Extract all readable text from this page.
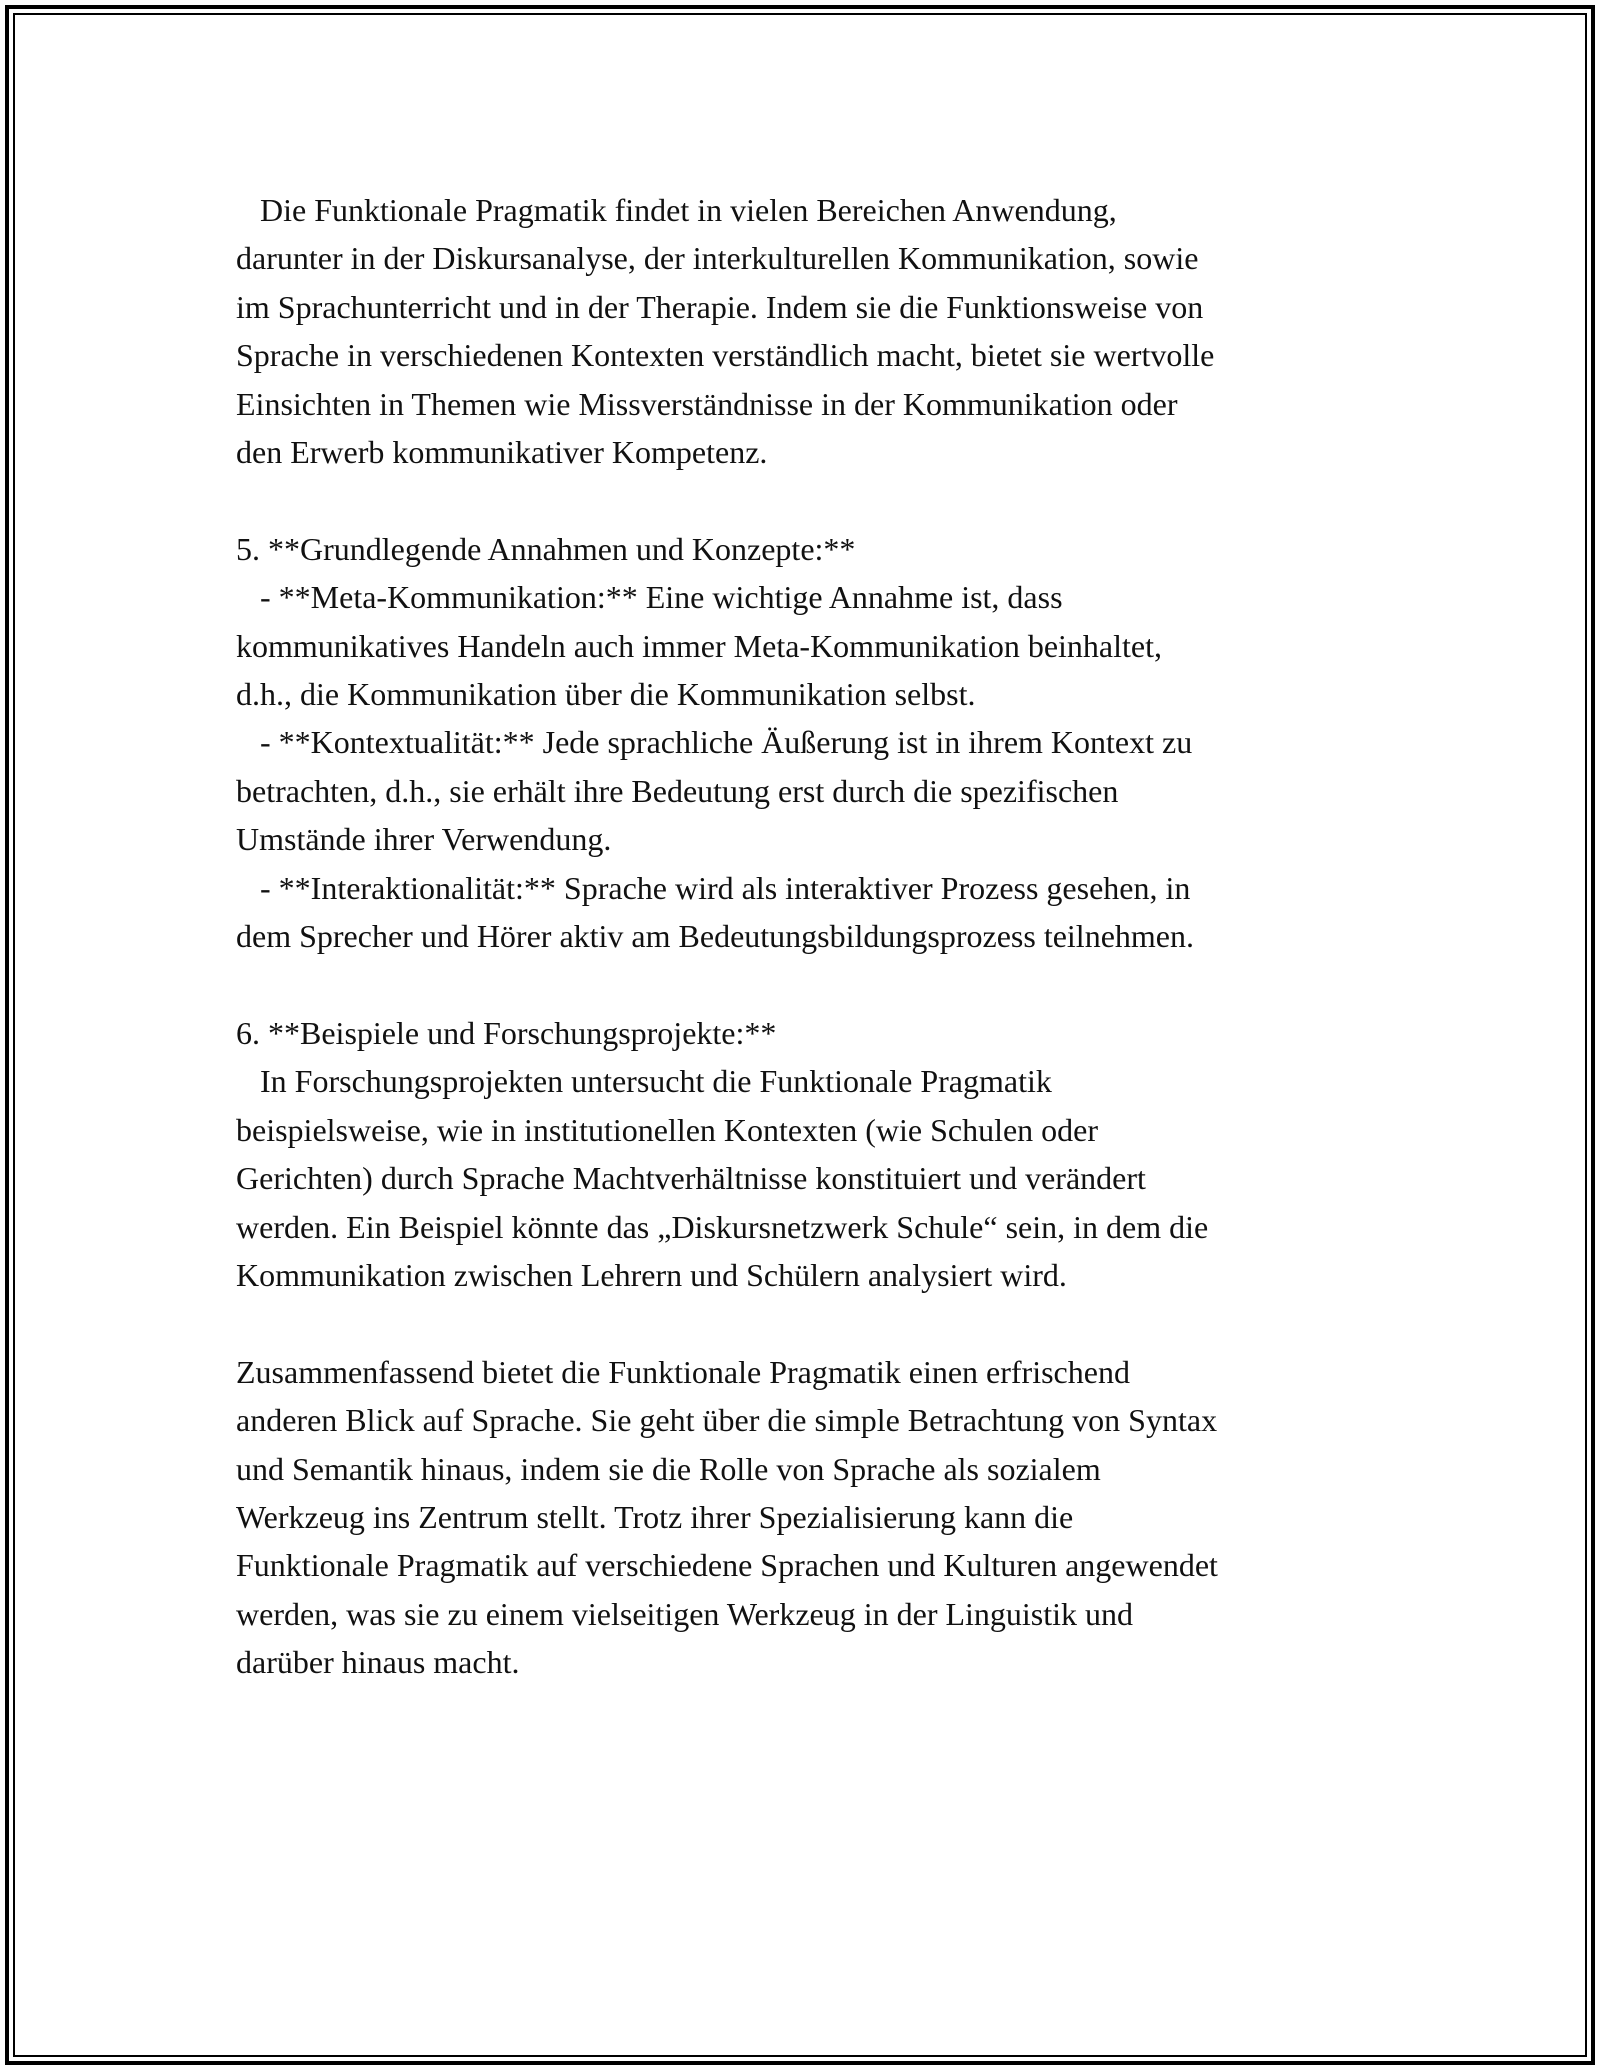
Die Funktionale Pragmatik findet in vielen Bereichen Anwendung,

darunter in der Diskursanalyse, der interkulturellen Kommunikation, sowie

im Sprachunterricht und in der Therapie. Indem sie die Funktionsweise von

Sprache in verschiedenen Kontexten verständlich macht, bietet sie wertvolle

Einsichten in Themen wie Missverständnisse in der Kommunikation oder

den Erwerb kommunikativer Kompetenz.

5. **Grundlegende Annahmen und Konzepte:**

- **Meta-Kommunikation:** Eine wichtige Annahme ist, dass

kommunikatives Handeln auch immer Meta-Kommunikation beinhaltet,

d.h., die Kommunikation über die Kommunikation selbst.

- **Kontextualität:** Jede sprachliche Äußerung ist in ihrem Kontext zu

betrachten, d.h., sie erhält ihre Bedeutung erst durch die spezifischen

Umstände ihrer Verwendung.

- **Interaktionalität:** Sprache wird als interaktiver Prozess gesehen, in

dem Sprecher und Hörer aktiv am Bedeutungsbildungsprozess teilnehmen.

6. **Beispiele und Forschungsprojekte:**

In Forschungsprojekten untersucht die Funktionale Pragmatik

beispielsweise, wie in institutionellen Kontexten (wie Schulen oder

Gerichten) durch Sprache Machtverhältnisse konstituiert und verändert

werden. Ein Beispiel könnte das „Diskursnetzwerk Schule“ sein, in dem die

Kommunikation zwischen Lehrern und Schülern analysiert wird.

Zusammenfassend bietet die Funktionale Pragmatik einen erfrischend

anderen Blick auf Sprache. Sie geht über die simple Betrachtung von Syntax

und Semantik hinaus, indem sie die Rolle von Sprache als sozialem

Werkzeug ins Zentrum stellt. Trotz ihrer Spezialisierung kann die

Funktionale Pragmatik auf verschiedene Sprachen und Kulturen angewendet

werden, was sie zu einem vielseitigen Werkzeug in der Linguistik und

darüber hinaus macht.
